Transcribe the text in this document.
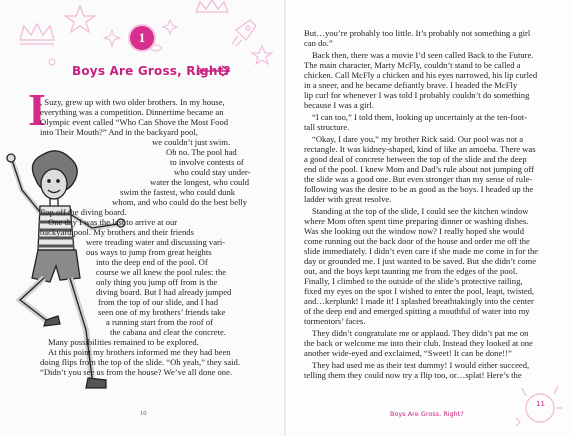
1
Boys Are Gross, Right?
I
, Suzy, grew up with two older brothers. In my house,
everything was a competition. Dinnertime became an
Olympic event called “Who Can Shove the Most Food
into Their Mouth?” And in the backyard pool,
we couldn’t just swim.
Oh no. The pool had
to involve contests of
who could stay under-
water the longest, who could
swim the fastest, who could dunk
whom, and who could do the best belly
flop off the diving board.
One day I was the last to arrive at our
backyard pool. My brothers and their friends
were treading water and discussing vari-
ous ways to jump from great heights
into the deep end of the pool. Of
course we all knew the pool rules: the
only thing you jump off from is the
diving board. But I had already jumped
from the top of our slide, and I had
seen one of my brothers’ friends take
a running start from the roof of
the cabana and clear the concrete.
Many possibilities remained to be explored.
At this point my brothers informed me they had been
doing flips from the top of the slide. “Oh yeah,” they said.
“Didn’t you see us from the house? We’ve all done one.
10
But…you’re probably too little. It’s probably not something a girl
can do.”
Back then, there was a movie I’d seen called Back to the Future.
The main character, Marty McFly, couldn’t stand to be called a
chicken. Call McFly a chicken and his eyes narrowed, his lip curled
in a sneer, and he became defiantly brave. I headed the McFly
lip curl for whenever I was told I probably couldn’t do something
because I was a girl.
“I can too,” I told them, looking up uncertainly at the ten-foot-
tall structure.
“Okay, I dare you,” my brother Rick said. Our pool was not a
rectangle. It was kidney-shaped, kind of like an amoeba. There was
a good deal of concrete between the top of the slide and the deep
end of the pool. I knew Mom and Dad’s rule about not jumping off
the slide was a good one. But even stronger than my sense of rule-
following was the desire to be as good as the boys. I headed up the
ladder with great resolve.
Standing at the top of the slide, I could see the kitchen window
where Mom often spent time preparing dinner or washing dishes.
Was she looking out the window now? I really hoped she would
come running out the back door of the house and order me off the
slide immediately. I didn’t even care if she made me come in for the
day or grounded me. I just wanted to be saved. But she didn’t come
out, and the boys kept taunting me from the edges of the pool.
Finally, I climbed to the outside of the slide’s protective railing,
fixed my eyes on the spot I wished to enter the pool, leapt, twisted,
and…kerplunk! I made it! I splashed breathtakingly into the center
of the deep end and emerged spitting a mouthful of water into my
tormentors’ faces.
They didn’t congratulate me or applaud. They didn’t pat me on
the back or welcome me into their club. Instead they looked at one
another wide-eyed and exclaimed, “Sweet! It can be done!!”
They had used me as their test dummy! I would either succeed,
telling them they could now try a flip too, or…splat! Here’s the
Boys Are Gross, Right?
11
